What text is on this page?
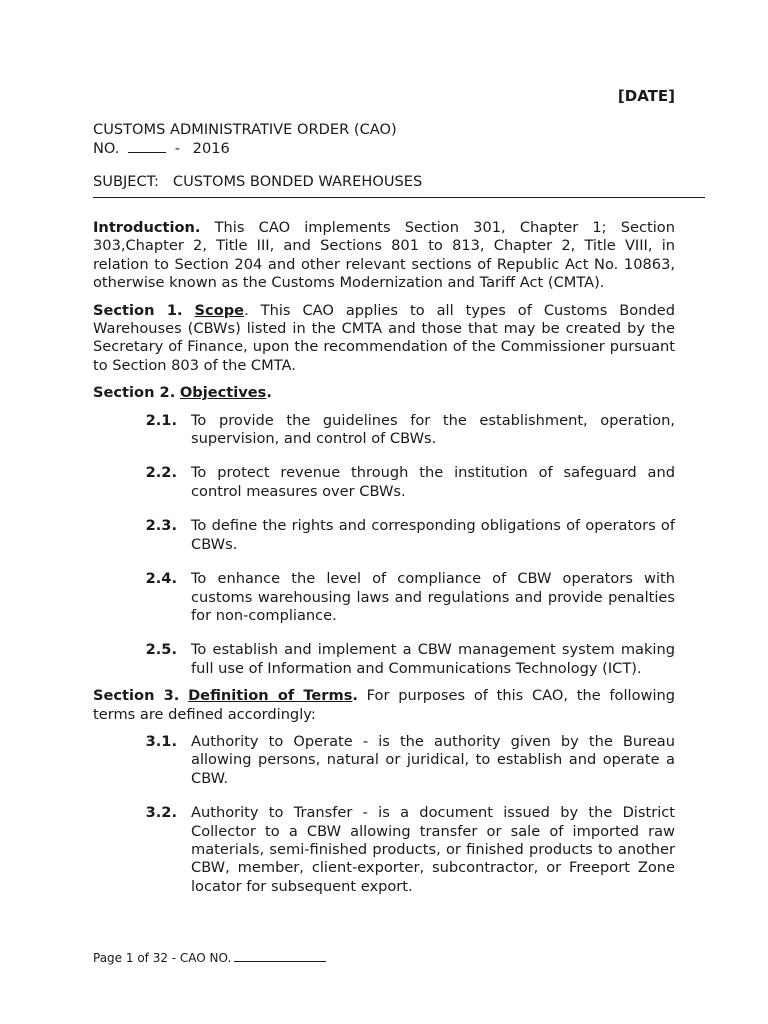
[DATE]
CUSTOMS ADMINISTRATIVE ORDER (CAO)
NO.	- 2016
SUBJECT: CUSTOMS BONDED WAREHOUSES

Introduction. This CAO implements Section 301, Chapter 1; Section 303,Chapter 2, Title III, and Sections 801 to 813, Chapter 2, Title VIII, in relation to Section 204 and other relevant sections of Republic Act No. 10863, otherwise known as the Customs Modernization and Tariff Act (CMTA).

Section 1. Scope. This CAO applies to all types of Customs Bonded Warehouses (CBWs) listed in the CMTA and those that may be created by the Secretary of Finance, upon the recommendation of the Commissioner pursuant to Section 803 of the CMTA.

Section 2. Objectives.

2.1. To provide the guidelines for the establishment, operation, supervision, and control of CBWs.
2.2. To protect revenue through the institution of safeguard and control measures over CBWs.
2.3. To define the rights and corresponding obligations of operators of CBWs.
2.4. To enhance the level of compliance of CBW operators with customs warehousing laws and regulations and provide penalties for non-compliance.
2.5. To establish and implement a CBW management system making full use of Information and Communications Technology (ICT).

Section 3. Definition of Terms. For purposes of this CAO, the following terms are defined accordingly:

3.1. Authority to Operate - is the authority given by the Bureau allowing persons, natural or juridical, to establish and operate a CBW.
3.2. Authority to Transfer - is a document issued by the District Collector to a CBW allowing transfer or sale of imported raw materials, semi-finished products, or finished products to another CBW, member, client-exporter, subcontractor, or Freeport Zone locator for subsequent export.
Page 1 of 32 - CAO NO.
